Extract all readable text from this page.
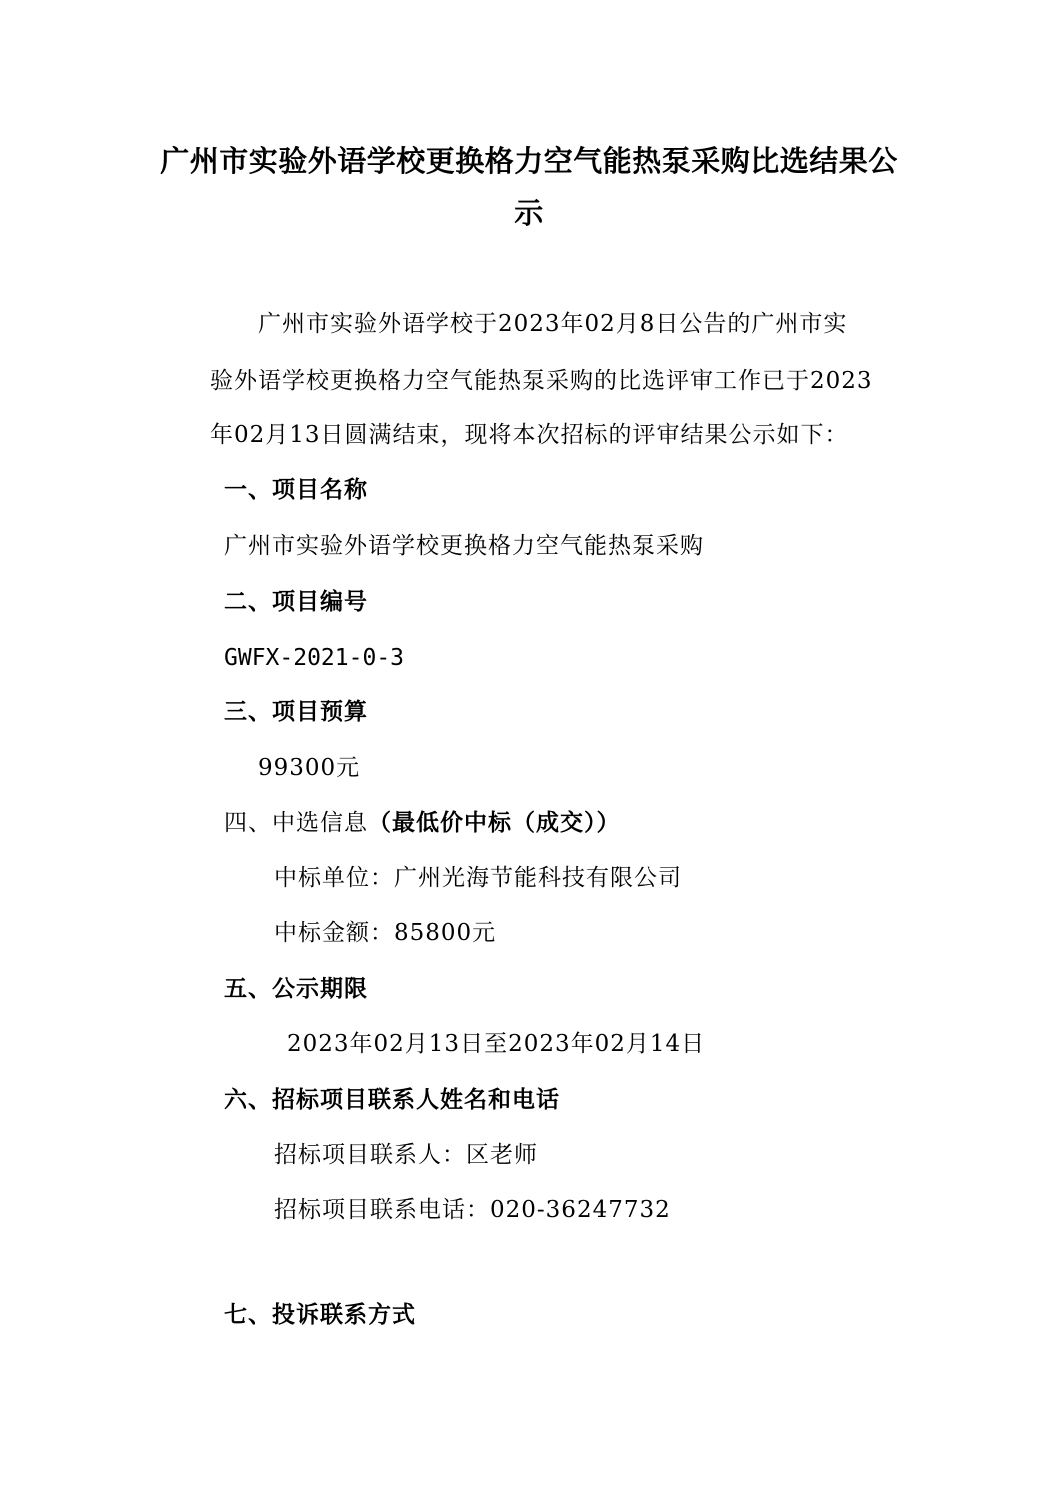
广州市实验外语学校更换格力空气能热泵采购比选结果公
示
广州市实验外语学校于2023年02月8日公告的广州市实
验外语学校更换格力空气能热泵采购的比选评审工作已于2023
年02月13日圆满结束，现将本次招标的评审结果公示如下：
一、项目名称
广州市实验外语学校更换格力空气能热泵采购
二、项目编号
GWFX-2021-0-3
三、项目预算
99300元
四、中选信息（最低价中标（成交））
中标单位：广州光海节能科技有限公司
中标金额：85800元
五、公示期限
2023年02月13日至2023年02月14日
六、招标项目联系人姓名和电话
招标项目联系人：区老师
招标项目联系电话：020-36247732
七、投诉联系方式
